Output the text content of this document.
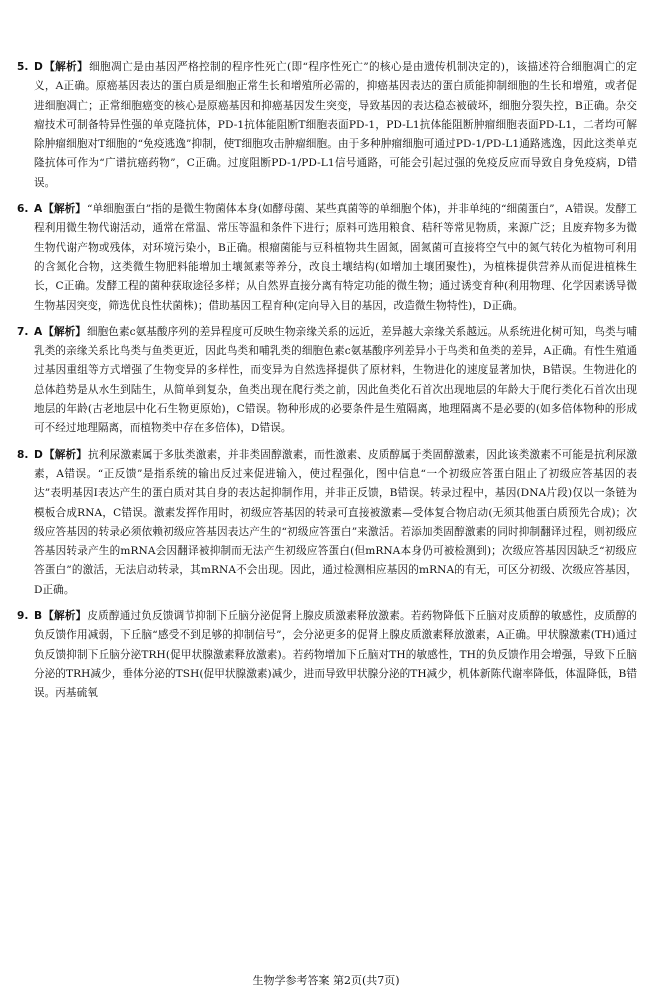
5. D【解析】细胞凋亡是由基因严格控制的程序性死亡(即“程序性死亡”的核心是由遗传机制决定的)，该描述符合细胞凋亡的定义，A正确。原癌基因表达的蛋白质是细胞正常生长和增殖所必需的，抑癌基因表达的蛋白质能抑制细胞的生长和增殖，或者促进细胞凋亡；正常细胞癌变的核心是原癌基因和抑癌基因发生突变，导致基因的表达稳态被破坏，细胞分裂失控，B正确。杂交瘤技术可制备特异性强的单克隆抗体，PD-1抗体能阻断T细胞表面PD-1，PD-L1抗体能阻断肿瘤细胞表面PD-L1，二者均可解除肿瘤细胞对T细胞的“免疫逃逸”抑制，使T细胞攻击肿瘤细胞。由于多种肿瘤细胞可通过PD-1/PD-L1通路逃逸，因此这类单克隆抗体可作为“广谱抗癌药物”，C正确。过度阻断PD-1/PD-L1信号通路，可能会引起过强的免疫反应而导致自身免疫病，D错误。

6. A【解析】“单细胞蛋白”指的是微生物菌体本身(如酵母菌、某些真菌等的单细胞个体)，并非单纯的“细菌蛋白”，A错误。发酵工程利用微生物代谢活动，通常在常温、常压等温和条件下进行；原料可选用粮食、秸秆等常见物质，来源广泛；且废弃物多为微生物代谢产物或残体，对环境污染小，B正确。根瘤菌能与豆科植物共生固氮，固氮菌可直接将空气中的氮气转化为植物可利用的含氮化合物，这类微生物肥料能增加土壤氮素等养分，改良土壤结构(如增加土壤团聚性)，为植株提供营养从而促进植株生长，C正确。发酵工程的菌种获取途径多样；从自然界直接分离有特定功能的微生物；通过诱变育种(利用物理、化学因素诱导微生物基因突变，筛选优良性状菌株)；借助基因工程育种(定向导入目的基因，改造微生物特性)，D正确。

7. A【解析】细胞色素c氨基酸序列的差异程度可反映生物亲缘关系的远近，差异越大亲缘关系越远。从系统进化树可知，鸟类与哺乳类的亲缘关系比鸟类与鱼类更近，因此鸟类和哺乳类的细胞色素c氨基酸序列差异小于鸟类和鱼类的差异，A正确。有性生殖通过基因重组等方式增强了生物变异的多样性，而变异为自然选择提供了原材料，生物进化的速度显著加快，B错误。生物进化的总体趋势是从水生到陆生，从简单到复杂，鱼类出现在爬行类之前，因此鱼类化石首次出现地层的年龄大于爬行类化石首次出现地层的年龄(古老地层中化石生物更原始)，C错误。物种形成的必要条件是生殖隔离，地理隔离不是必要的(如多倍体物种的形成可不经过地理隔离，而植物类中存在多倍体)，D错误。

8. D【解析】抗利尿激素属于多肽类激素，并非类固醇激素，而性激素、皮质醇属于类固醇激素，因此该类激素不可能是抗利尿激素，A错误。“正反馈”是指系统的输出反过来促进输入，使过程强化，图中信息“一个初级应答蛋白阻止了初级应答基因的表达”表明基因Ⅰ表达产生的蛋白质对其自身的表达起抑制作用，并非正反馈，B错误。转录过程中，基因(DNA片段)仅以一条链为模板合成RNA，C错误。激素发挥作用时，初级应答基因的转录可直接被激素—受体复合物启动(无须其他蛋白质预先合成)；次级应答基因的转录必须依赖初级应答基因表达产生的“初级应答蛋白”来激活。若添加类固醇激素的同时抑制翻译过程，则初级应答基因转录产生的mRNA会因翻译被抑制而无法产生初级应答蛋白(但mRNA本身仍可被检测到)；次级应答基因因缺乏“初级应答蛋白”的激活，无法启动转录，其mRNA不会出现。因此，通过检测相应基因的mRNA的有无，可区分初级、次级应答基因，D正确。

9. B【解析】皮质醇通过负反馈调节抑制下丘脑分泌促肾上腺皮质激素释放激素。若药物降低下丘脑对皮质醇的敏感性，皮质醇的负反馈作用减弱，下丘脑“感受不到足够的抑制信号”，会分泌更多的促肾上腺皮质激素释放激素，A正确。甲状腺激素(TH)通过负反馈抑制下丘脑分泌TRH(促甲状腺激素释放激素)。若药物增加下丘脑对TH的敏感性，TH的负反馈作用会增强，导致下丘脑分泌的TRH减少，垂体分泌的TSH(促甲状腺激素)减少，进而导致甲状腺分泌的TH减少，机体新陈代谢率降低，体温降低，B错误。丙基硫氧

生物学参考答案 第2页(共7页)
